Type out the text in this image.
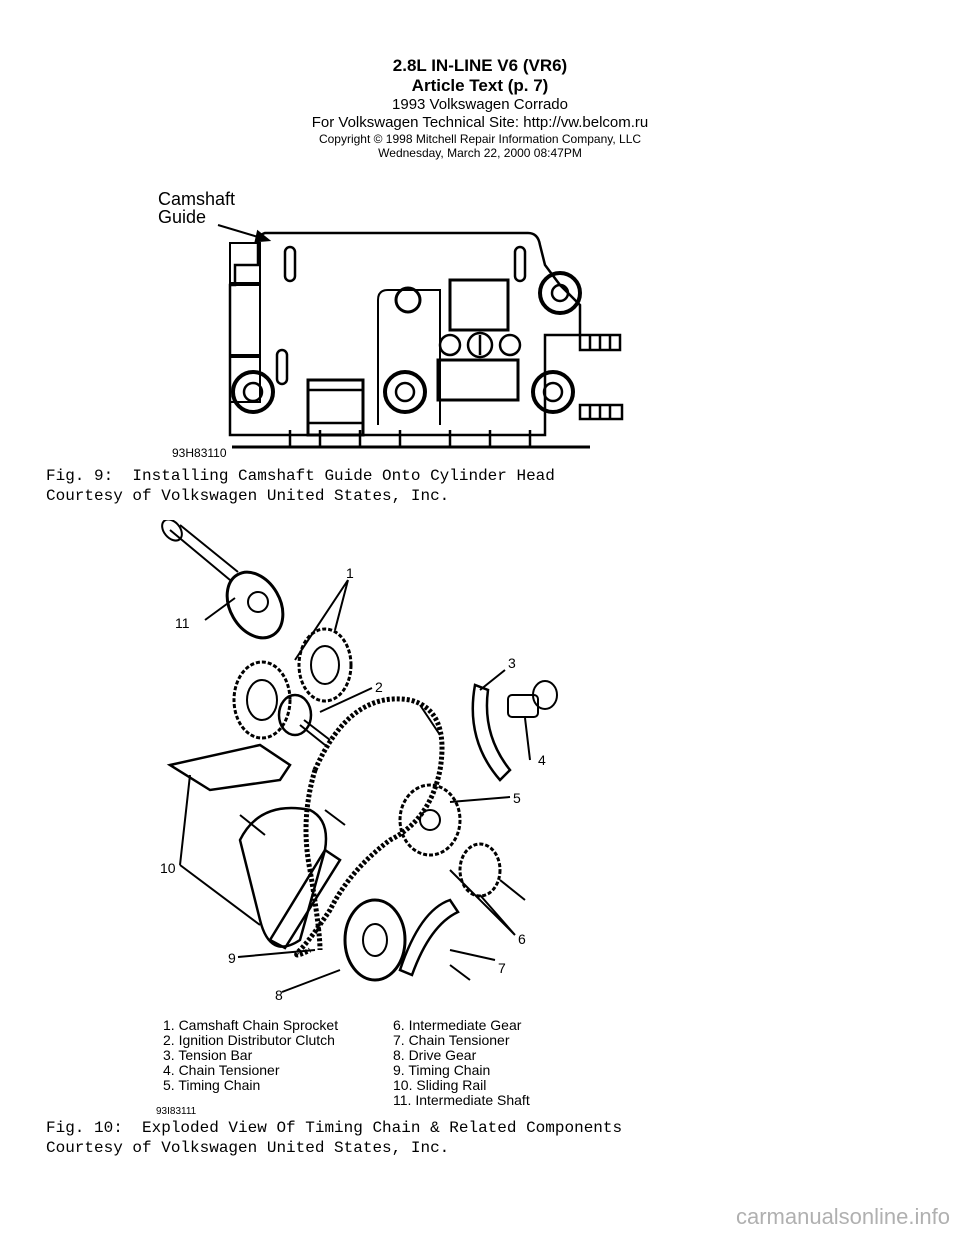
2.8L IN-LINE V6 (VR6)
Article Text (p. 7)
1993 Volkswagen Corrado
For Volkswagen Technical Site: http://vw.belcom.ru
Copyright © 1998 Mitchell Repair Information Company, LLC
Wednesday, March 22, 2000 08:47PM
Camshaft
Guide
93H83110
Fig. 9:  Installing Camshaft Guide Onto Cylinder Head
Courtesy of Volkswagen United States, Inc.
1
2
3
4
5
6
7
8
9
10
11
1. Camshaft Chain Sprocket
2. Ignition Distributor Clutch
3. Tension Bar
4. Chain Tensioner
5. Timing Chain
6. Intermediate Gear
7. Chain Tensioner
8. Drive Gear
9. Timing Chain
10. Sliding Rail
11. Intermediate Shaft
93I83111
Fig. 10:  Exploded View Of Timing Chain & Related Components
Courtesy of Volkswagen United States, Inc.
carmanualsonline.info
